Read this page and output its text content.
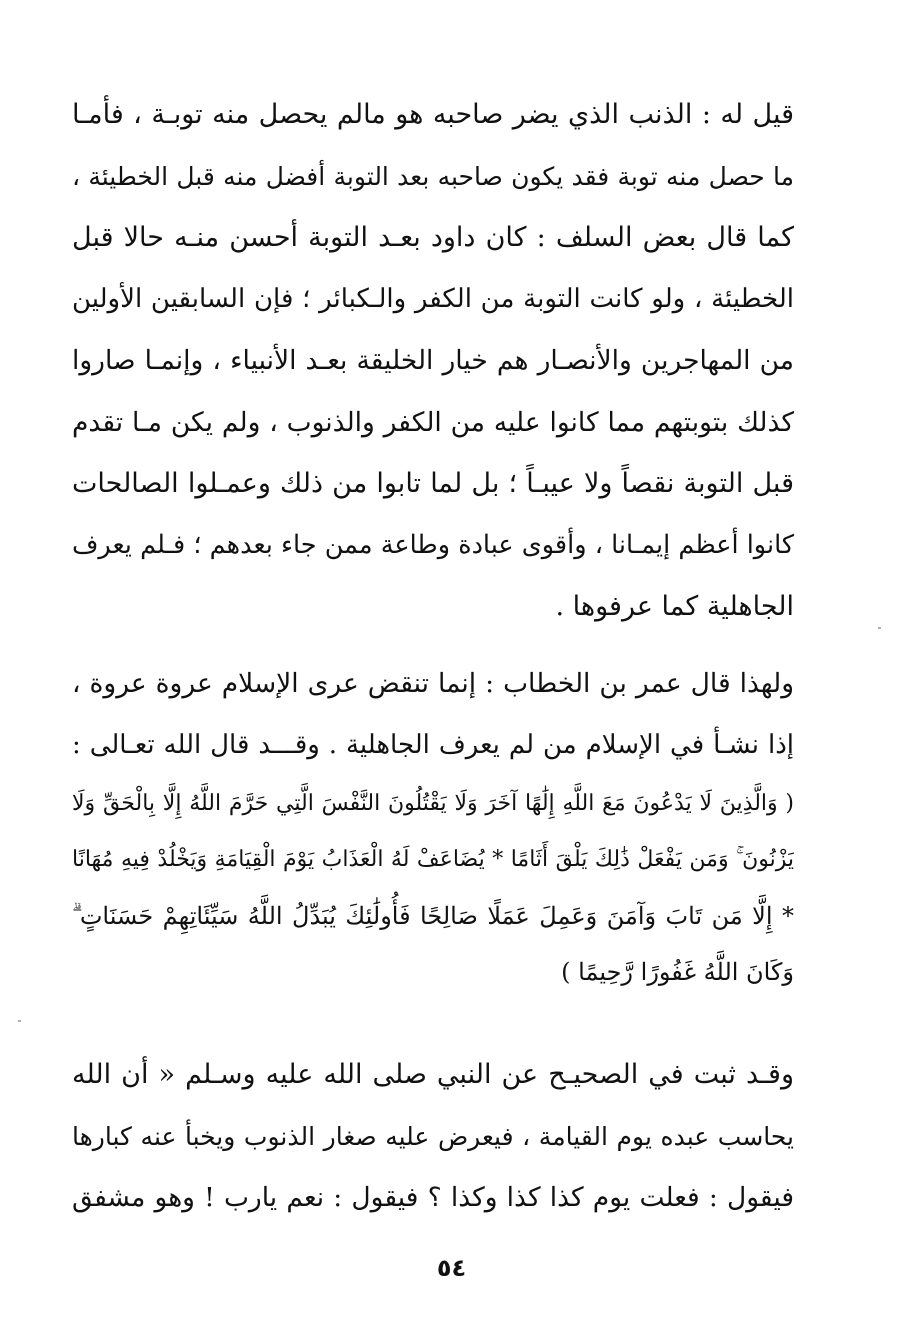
قيل له : الذنب الذي يضر صاحبه هو مالم يحصل منه توبـة ، فأمـا
ما حصل منه توبة فقد يكون صاحبه بعد التوبة أفضل منه قبل الخطيئة ،
كما قال بعض السلف : كان داود بعـد التوبة أحسن منـه حالا قبل
الخطيئة ، ولو كانت التوبة من الكفر والـكبائر ؛ فإن السابقين الأولين
من المهاجرين والأنصـار هم خيار الخليقة بعـد الأنبياء ، وإنمـا صاروا
كذلك بتوبتهم مما كانوا عليه من الكفر والذنوب ، ولم يكن مـا تقدم
قبل التوبة نقصاً ولا عيبـاً ؛ بل لما تابوا من ذلك وعمـلوا الصالحات
كانوا أعظم إيمـانا ، وأقوى عبادة وطاعة ممن جاء بعدهم ؛ فـلم يعرف
الجاهلية كما عرفوها .
ولهذا قال عمر بن الخطاب : إنما تنقض عرى الإسلام عروة عروة ،
إذا نشـأ في الإسلام من لم يعرف الجاهلية . وقـــد قال الله تعـالى :
( وَالَّذِينَ لَا يَدْعُونَ مَعَ اللَّهِ إِلَٰهًا آخَرَ وَلَا يَقْتُلُونَ النَّفْسَ الَّتِي حَرَّمَ اللَّهُ إِلَّا بِالْحَقِّ وَلَا
يَزْنُونَ ۚ وَمَن يَفْعَلْ ذَٰلِكَ يَلْقَ أَثَامًا * يُضَاعَفْ لَهُ الْعَذَابُ يَوْمَ الْقِيَامَةِ وَيَخْلُدْ فِيهِ مُهَانًا
* إِلَّا مَن تَابَ وَآمَنَ وَعَمِلَ عَمَلًا صَالِحًا فَأُولَٰئِكَ يُبَدِّلُ اللَّهُ سَيِّئَاتِهِمْ حَسَنَاتٍ ۗ
وَكَانَ اللَّهُ غَفُورًا رَّحِيمًا )
وقـد ثبت في الصحيـح عن النبي صلى الله عليه وسـلم « أن الله
يحاسب عبده يوم القيامة ، فيعرض عليه صغار الذنوب ويخبأ عنه كبارها
فيقول : فعلت يوم كذا كذا وكذا ؟ فيقول : نعم يارب ! وهو مشفق
٥٤
